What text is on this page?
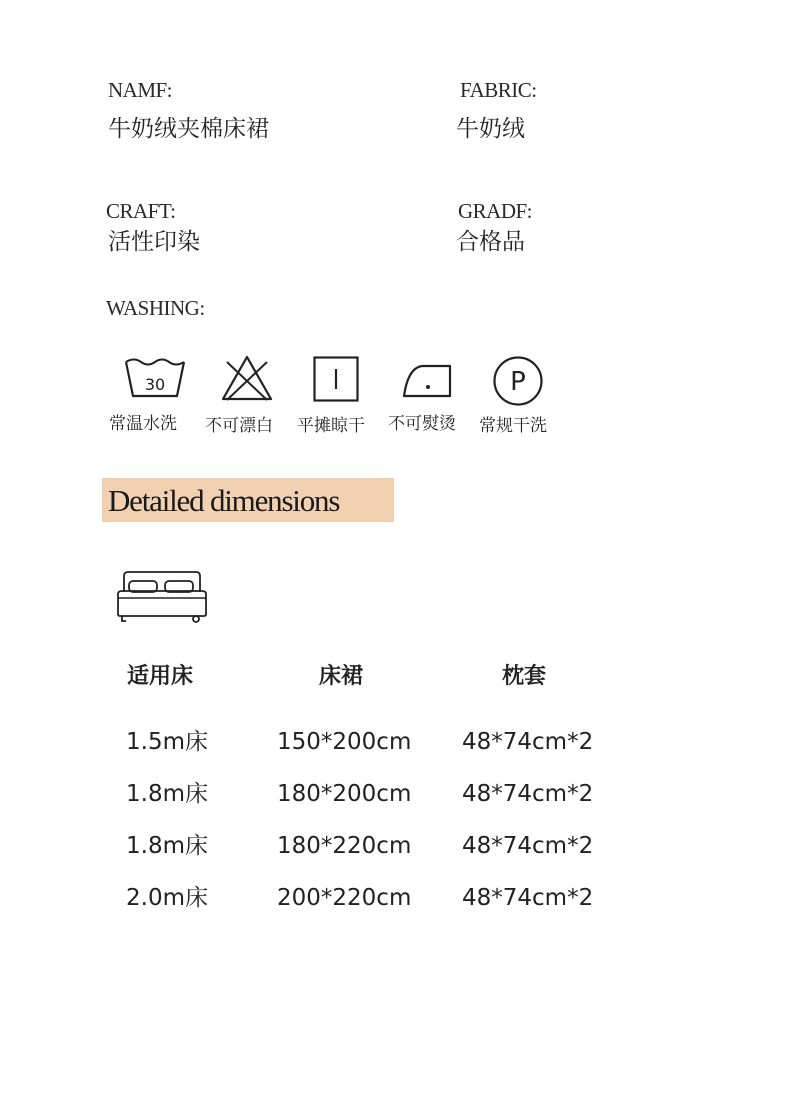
NAMF:
牛奶绒夹棉床裙
FABRIC:
牛奶绒
CRAFT:
活性印染
GRADF:
合格品
WASHING:
30
常温水洗 不可漂白 平摊晾干 不可熨烫
P
常规干洗
Detailed dimensions
适用床	床裙	枕套
1.5m床	150*200cm 48*74cm*2
1.8m床	180*200cm 48*74cm*2
1.8m床	180*220cm 48*74cm*2
2.0m床	200*220cm 48*74cm*2
